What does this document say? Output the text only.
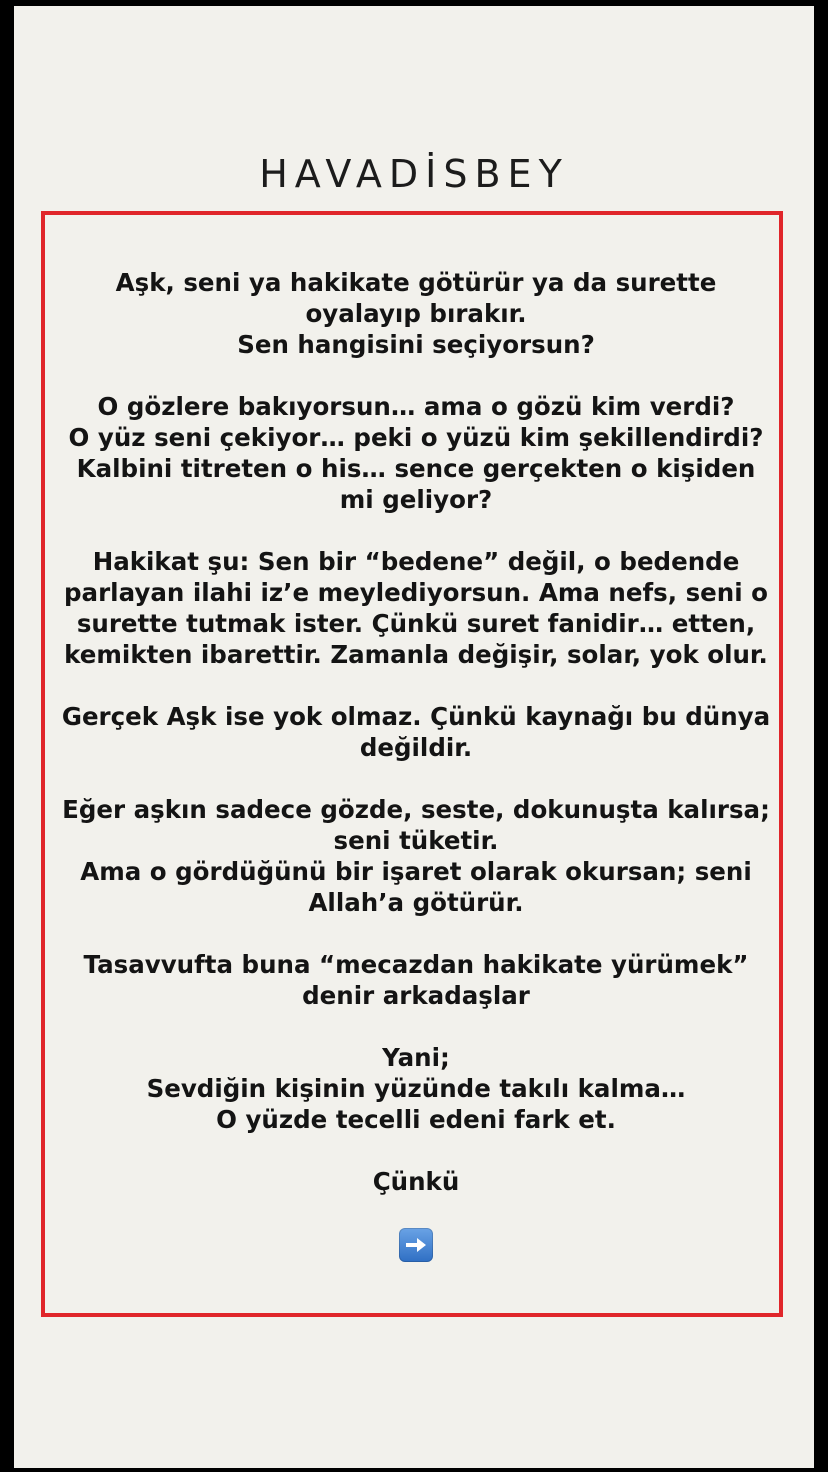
HAVADİSBEY
Aşk, seni ya hakikate götürür ya da surette oyalayıp bırakır.
Sen hangisini seçiyorsun?
O gözlere bakıyorsun… ama o gözü kim verdi?
O yüz seni çekiyor… peki o yüzü kim şekillendirdi?
Kalbini titreten o his… sence gerçekten o kişiden mi geliyor?
Hakikat şu: Sen bir “bedene” değil, o bedende parlayan ilahi iz’e meylediyorsun. Ama nefs, seni o surette tutmak ister. Çünkü suret fanidir… etten, kemikten ibarettir. Zamanla değişir, solar, yok olur.
Gerçek Aşk ise yok olmaz. Çünkü kaynağı bu dünya değildir.
Eğer aşkın sadece gözde, seste, dokunuşta kalırsa; seni tüketir.
Ama o gördüğünü bir işaret olarak okursan; seni Allah’a götürür.
Tasavvufta buna “mecazdan hakikate yürümek” denir arkadaşlar
Yani;
Sevdiğin kişinin yüzünde takılı kalma…
O yüzde tecelli edeni fark et.
Çünkü
